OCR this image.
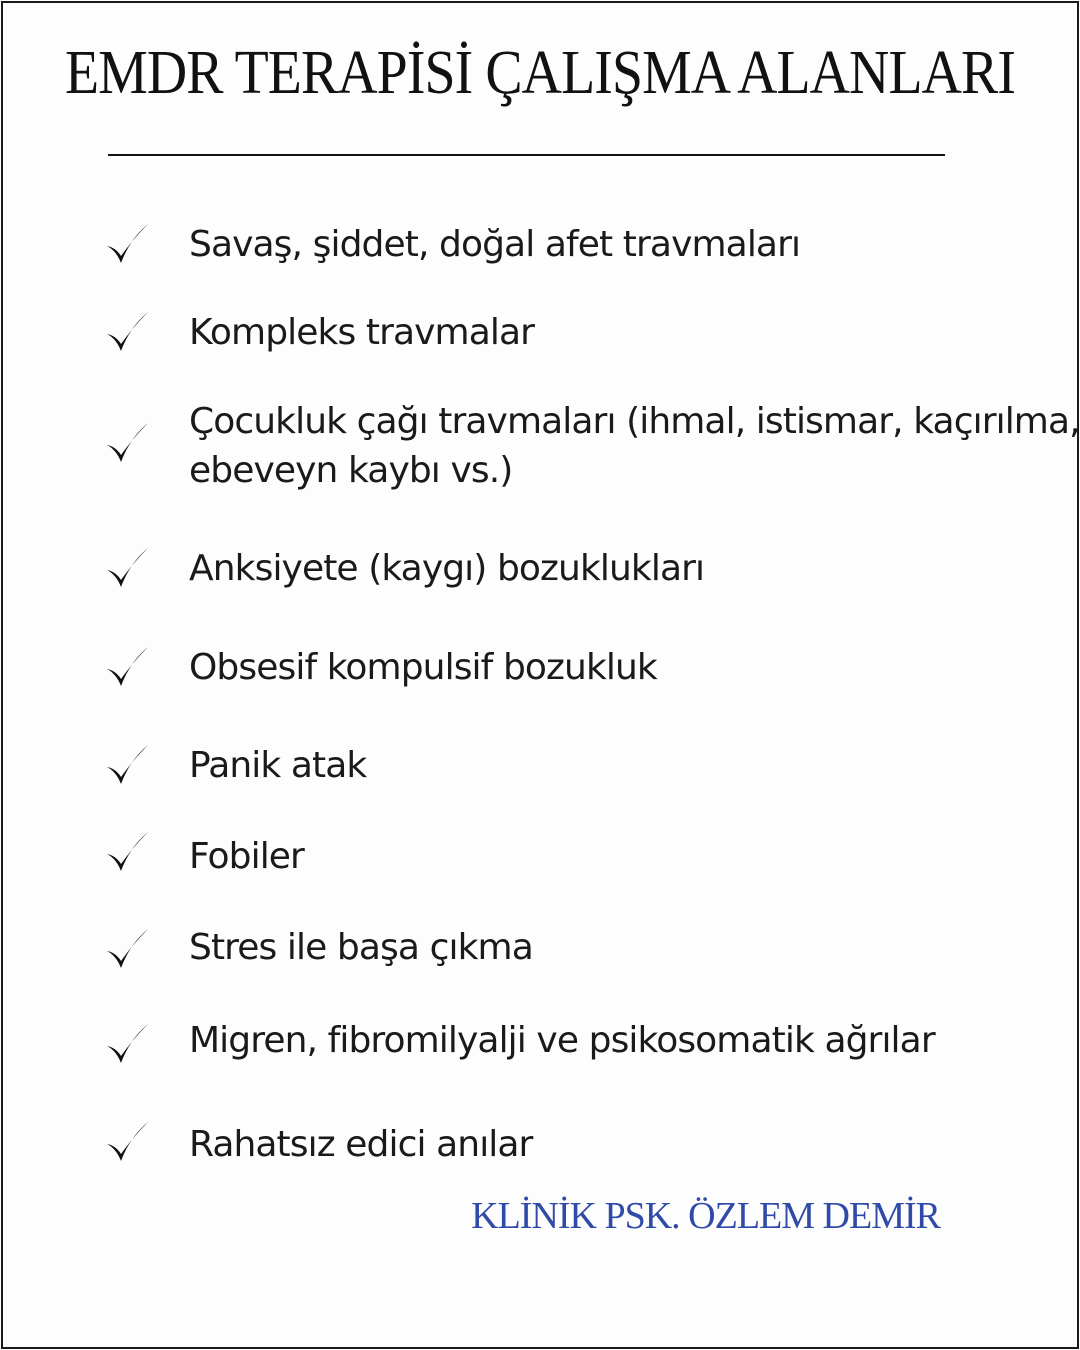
EMDR TERAPİSİ ÇALIŞMA ALANLARI
Savaş, şiddet, doğal afet travmaları
Kompleks travmalar
Çocukluk çağı travmaları (ihmal, istismar, kaçırılma,
ebeveyn kaybı vs.)
Anksiyete (kaygı) bozuklukları
Obsesif kompulsif bozukluk
Panik atak
Fobiler
Stres ile başa çıkma
Migren, fibromilyalji ve psikosomatik ağrılar
Rahatsız edici anılar
KLİNİK PSK. ÖZLEM DEMİR
